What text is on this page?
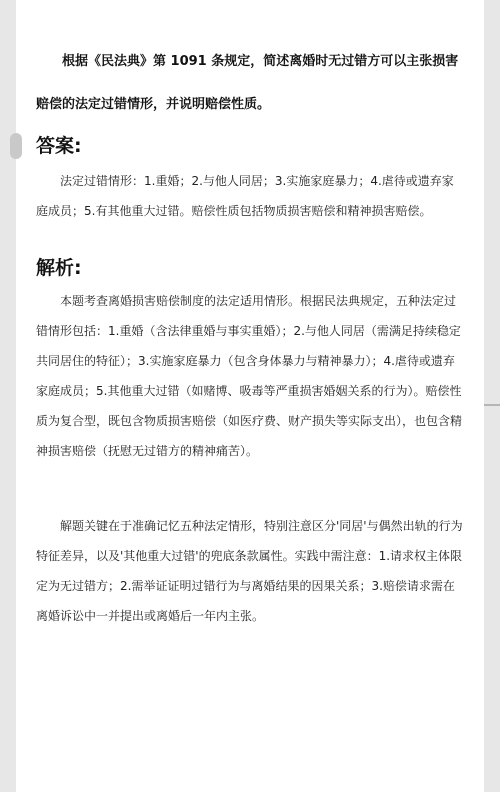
根据《民法典》第 1091 条规定，简述离婚时无过错方可以主张损害赔偿的法定过错情形，并说明赔偿性质。
答案:
法定过错情形：1.重婚；2.与他人同居；3.实施家庭暴力；4.虐待或遗弃家庭成员；5.有其他重大过错。赔偿性质包括物质损害赔偿和精神损害赔偿。
解析:
本题考查离婚损害赔偿制度的法定适用情形。根据民法典规定，五种法定过错情形包括：1.重婚（含法律重婚与事实重婚）；2.与他人同居（需满足持续稳定共同居住的特征）；3.实施家庭暴力（包含身体暴力与精神暴力）；4.虐待或遗弃家庭成员；5.其他重大过错（如赌博、吸毒等严重损害婚姻关系的行为）。赔偿性质为复合型，既包含物质损害赔偿（如医疗费、财产损失等实际支出），也包含精神损害赔偿（抚慰无过错方的精神痛苦）。
解题关键在于准确记忆五种法定情形，特别注意区分'同居'与偶然出轨的行为特征差异，以及'其他重大过错'的兜底条款属性。实践中需注意：1.请求权主体限定为无过错方；2.需举证证明过错行为与离婚结果的因果关系；3.赔偿请求需在离婚诉讼中一并提出或离婚后一年内主张。
